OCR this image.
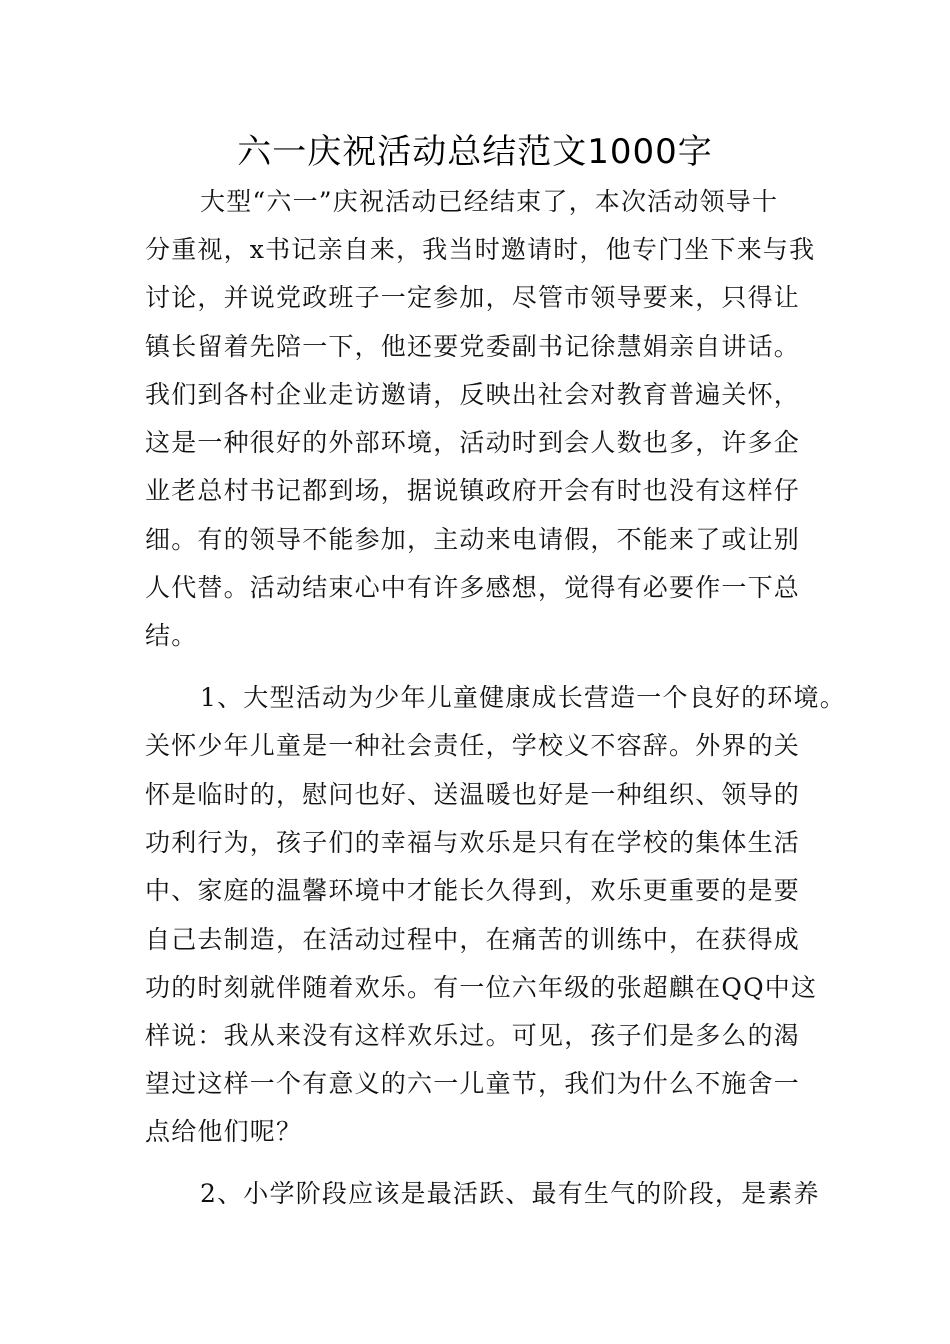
六一庆祝活动总结范文1000字
大型“六一”庆祝活动已经结束了，本次活动领导十
分重视，x书记亲自来，我当时邀请时，他专门坐下来与我
讨论，并说党政班子一定参加，尽管市领导要来，只得让
镇长留着先陪一下，他还要党委副书记徐慧娟亲自讲话。
我们到各村企业走访邀请，反映出社会对教育普遍关怀，
这是一种很好的外部环境，活动时到会人数也多，许多企
业老总村书记都到场，据说镇政府开会有时也没有这样仔
细。有的领导不能参加，主动来电请假，不能来了或让别
人代替。活动结束心中有许多感想，觉得有必要作一下总
结。
1、大型活动为少年儿童健康成长营造一个良好的环境。
关怀少年儿童是一种社会责任，学校义不容辞。外界的关
怀是临时的，慰问也好、送温暖也好是一种组织、领导的
功利行为，孩子们的幸福与欢乐是只有在学校的集体生活
中、家庭的温馨环境中才能长久得到，欢乐更重要的是要
自己去制造，在活动过程中，在痛苦的训练中，在获得成
功的时刻就伴随着欢乐。有一位六年级的张超麒在QQ中这
样说：我从来没有这样欢乐过。可见，孩子们是多么的渴
望过这样一个有意义的六一儿童节，我们为什么不施舍一
点给他们呢？
2、小学阶段应该是最活跃、最有生气的阶段，是素养
